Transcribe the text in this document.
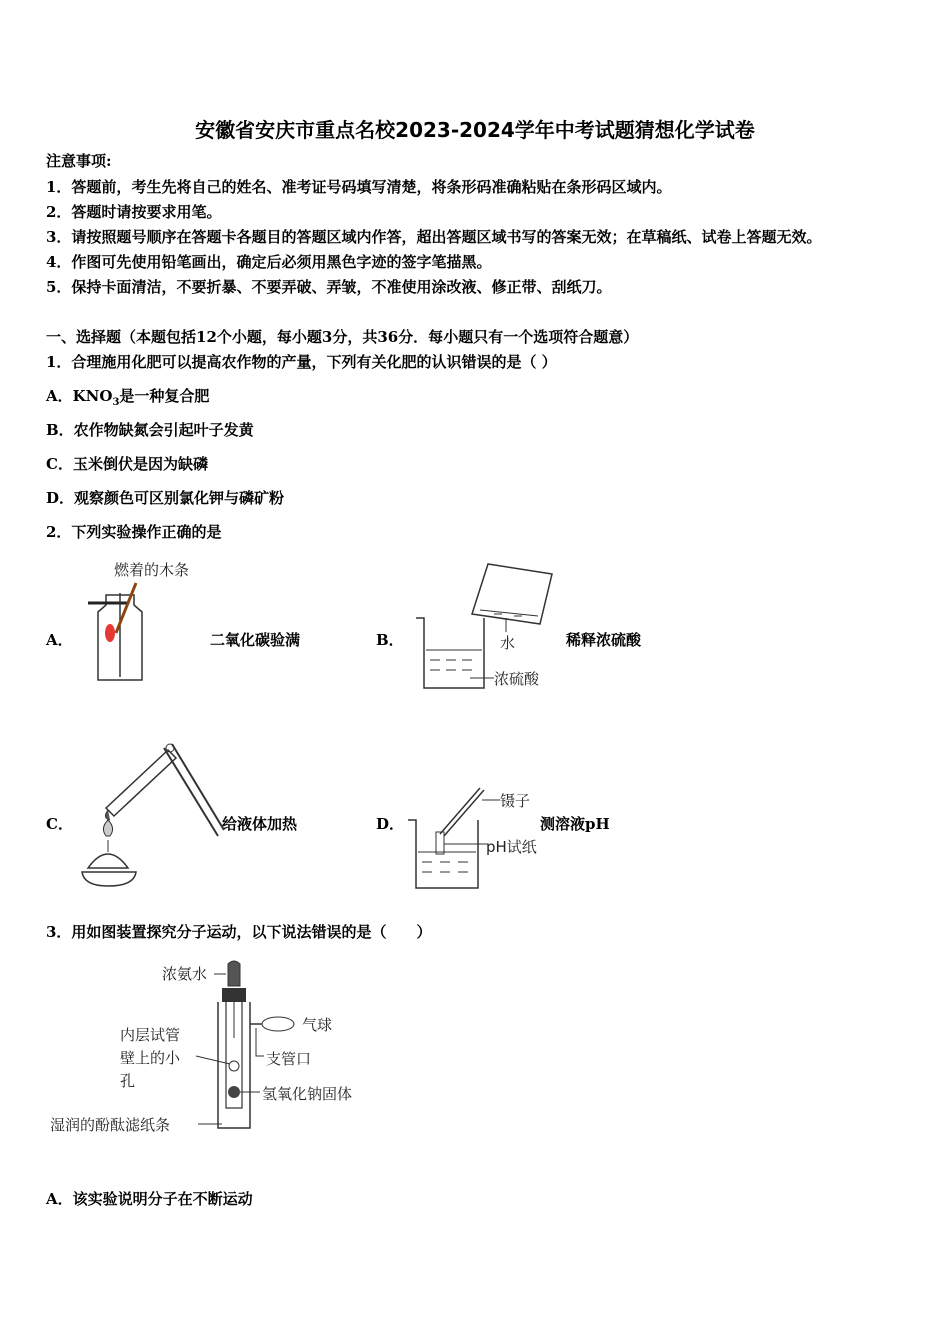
安徽省安庆市重点名校2023-2024学年中考试题猜想化学试卷
注意事项:
1．答题前，考生先将自己的姓名、准考证号码填写清楚，将条形码准确粘贴在条形码区域内。
2．答题时请按要求用笔。
3．请按照题号顺序在答题卡各题目的答题区域内作答，超出答题区域书写的答案无效；在草稿纸、试卷上答题无效。
4．作图可先使用铅笔画出，确定后必须用黑色字迹的签字笔描黑。
5．保持卡面清洁，不要折暴、不要弄破、弄皱，不准使用涂改液、修正带、刮纸刀。
一、选择题（本题包括12个小题，每小题3分，共36分．每小题只有一个选项符合题意）
1．合理施用化肥可以提高农作物的产量，下列有关化肥的认识错误的是（ ）
A．$KNO_3$是一种复合肥
B．农作物缺氮会引起叶子发黄
C．玉米倒伏是因为缺磷
D．观察颜色可区别氯化钾与磷矿粉
2．下列实验操作正确的是
A．	二氧化碳验满
燃着的木条
B．	稀释浓硫酸
水
浓硫酸
C．	给液体加热	D．	测溶液pH
镊子
pH试纸
3．用如图装置探究分子运动，以下说法错误的是（　　）
浓氨水
气球
内层试管
壁上的小
孔
支管口
氢氧化钠固体
湿润的酚酞滤纸条
A．该实验说明分子在不断运动
